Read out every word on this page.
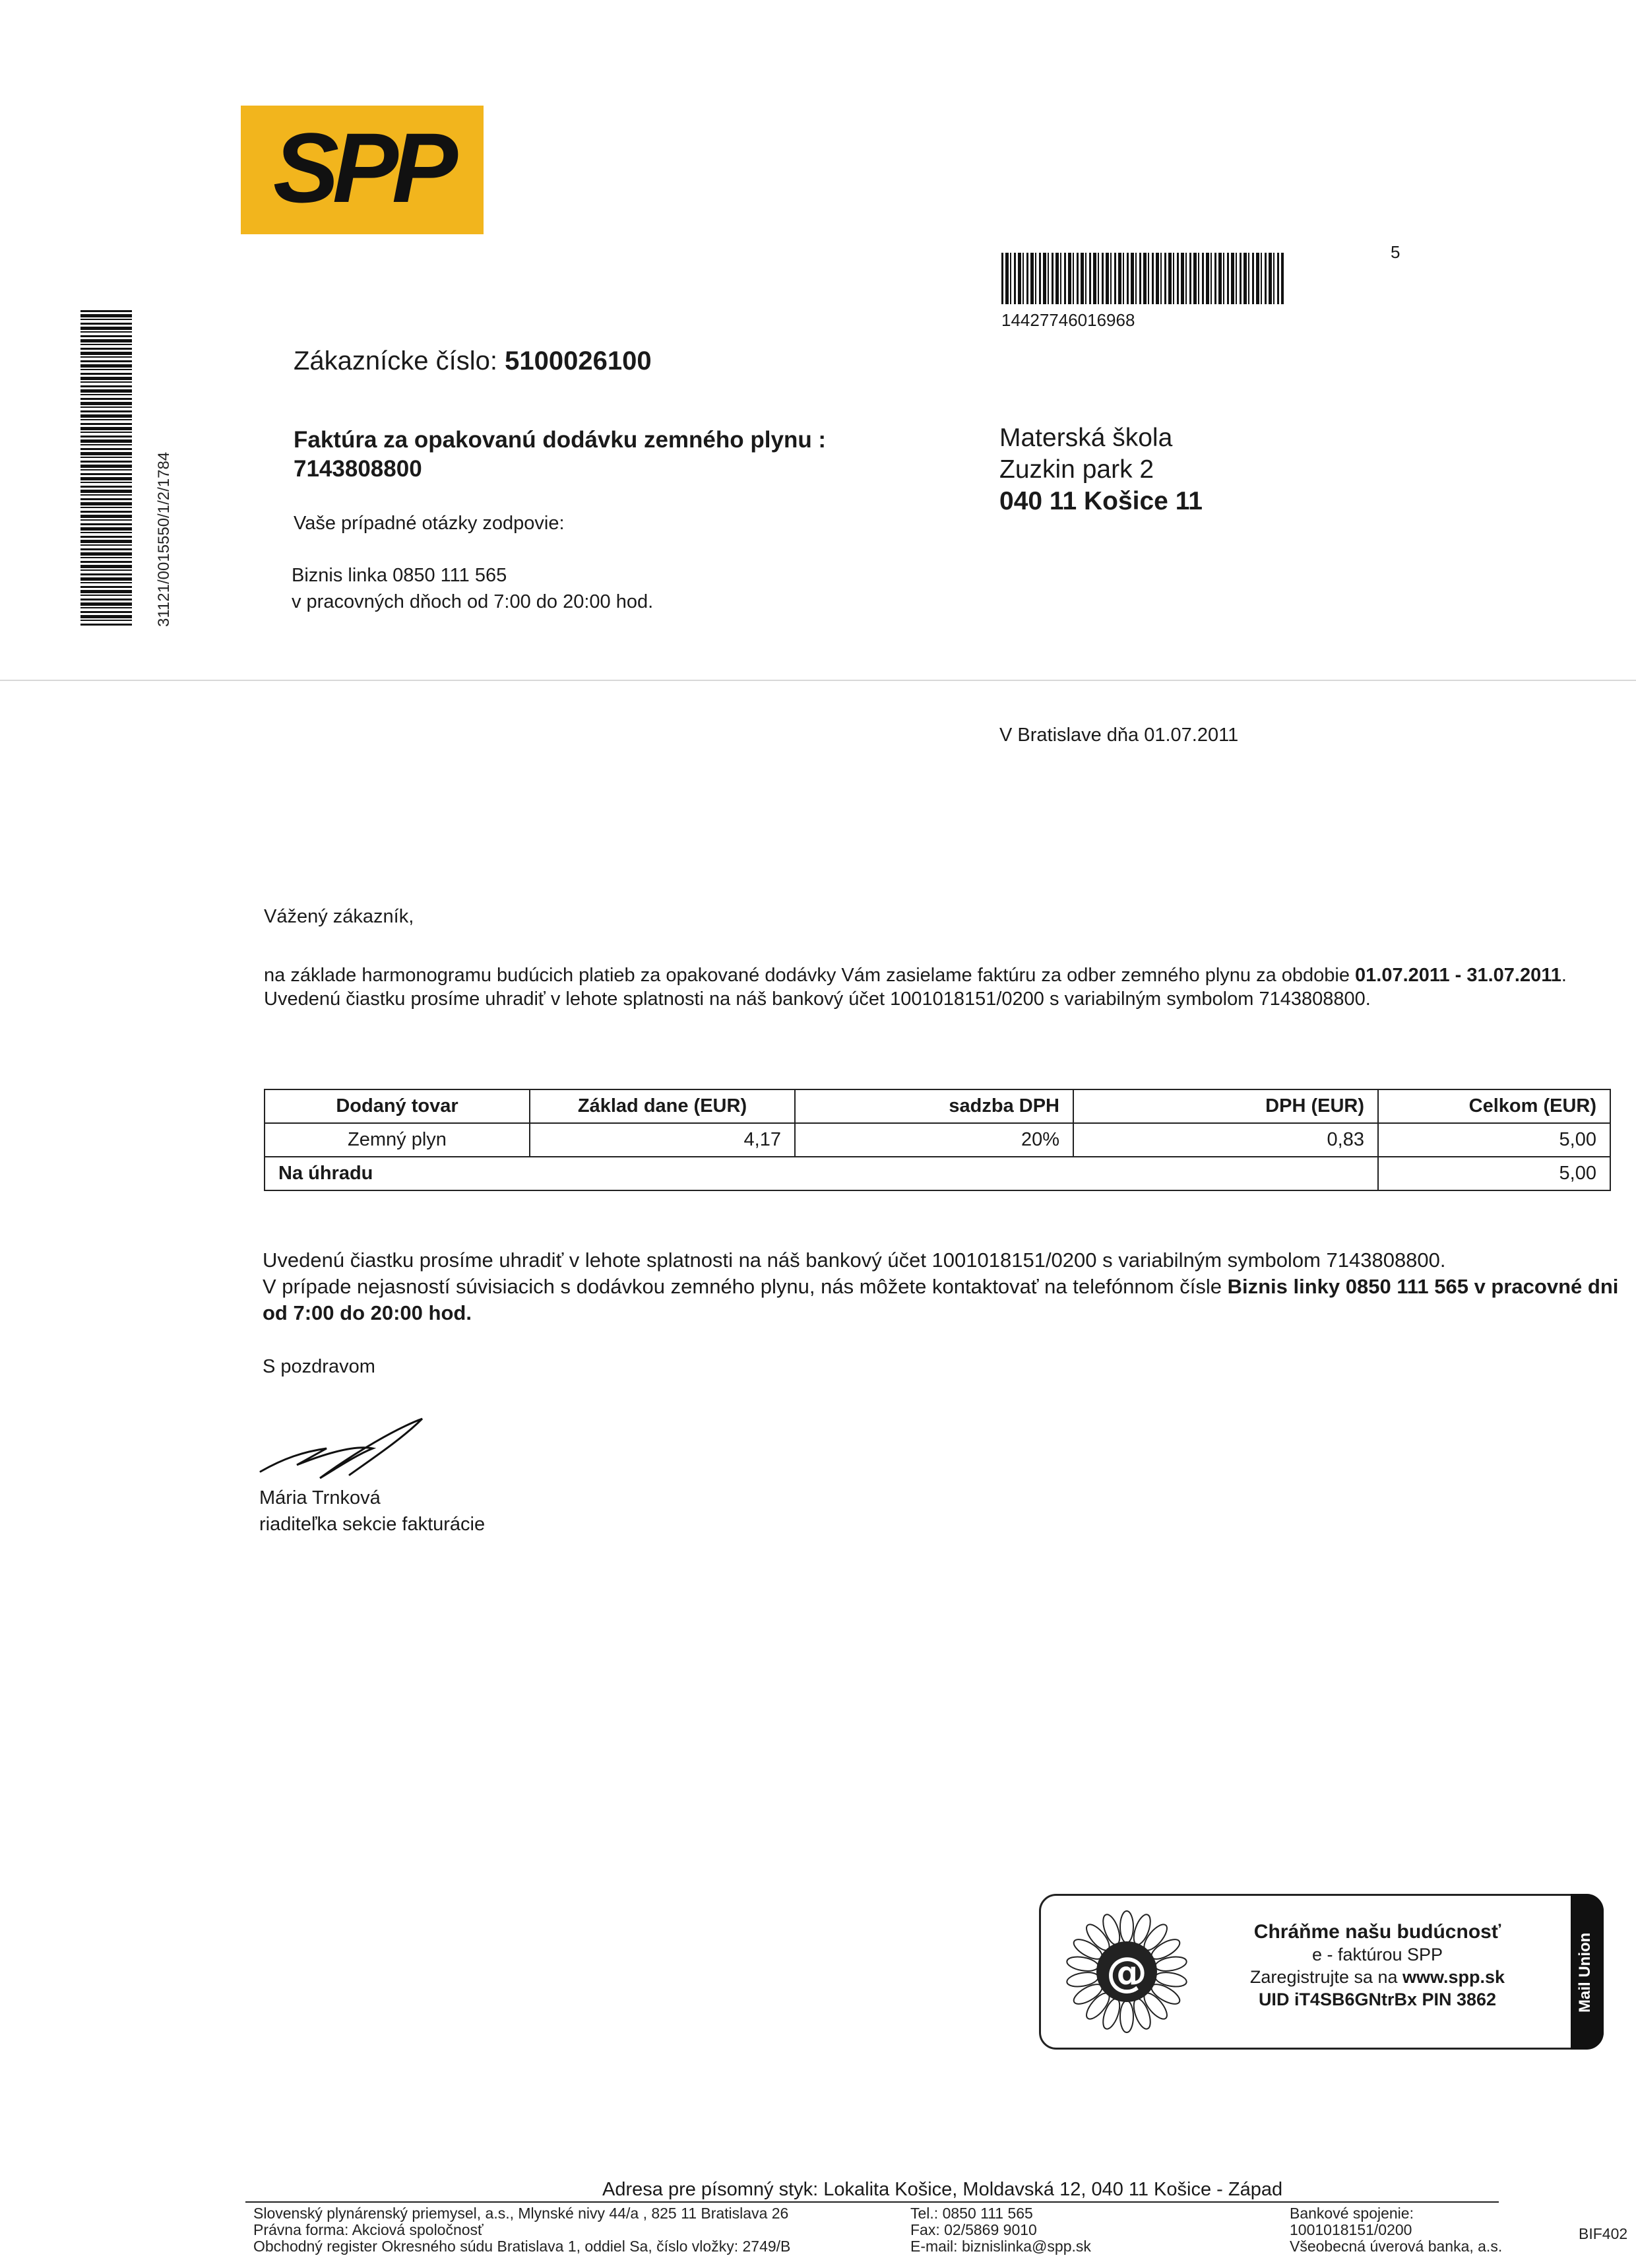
SPP
31121/0015550/1/2/1784
14427746016968
5
Zákaznícke číslo: 5100026100
Faktúra za opakovanú dodávku zemného plynu :
7143808800
Vaše prípadné otázky zodpovie:
Biznis linka 0850 111 565
v pracovných dňoch od 7:00 do 20:00 hod.
Materská škola
Zuzkin park 2
040 11 Košice 11
V Bratislave dňa 01.07.2011
Vážený zákazník,
na základe harmonogramu budúcich platieb za opakované dodávky Vám zasielame faktúru za odber zemného plynu za obdobie 01.07.2011 - 31.07.2011.
Uvedenú čiastku prosíme uhradiť v lehote splatnosti na náš bankový účet 1001018151/0200 s variabilným symbolom 7143808800.
Dodaný tovar	Základ dane (EUR)	sadzba DPH	DPH (EUR)	Celkom (EUR)
Zemný plyn	4,17	20%	0,83	5,00
Na úhradu				5,00
Uvedenú čiastku prosíme uhradiť v lehote splatnosti na náš bankový účet 1001018151/0200 s variabilným symbolom 7143808800.
V prípade nejasností súvisiacich s dodávkou zemného plynu, nás môžete kontaktovať na telefónnom čísle Biznis linky 0850 111 565 v pracovné dni od 7:00 do 20:00 hod.
S pozdravom
Mária Trnková
riaditeľka sekcie fakturácie
@
Chráňme našu budúcnosť
e - faktúrou SPP
Zaregistrujte sa na www.spp.sk
UID iT4SB6GNtrBx PIN 3862	Mail Union
Adresa pre písomný styk: Lokalita Košice, Moldavská 12, 040 11 Košice - Západ
Slovenský plynárenský priemysel, a.s., Mlynské nivy 44/a , 825 11 Bratislava 26
Právna forma: Akciová spoločnosť
Obchodný register Okresného súdu Bratislava 1, oddiel Sa, číslo vložky: 2749/B
Tel.: 0850 111 565
Fax: 02/5869 9010
E-mail: biznislinka@spp.sk
Bankové spojenie:
1001018151/0200
Všeobecná úverová banka, a.s.
BIF402
